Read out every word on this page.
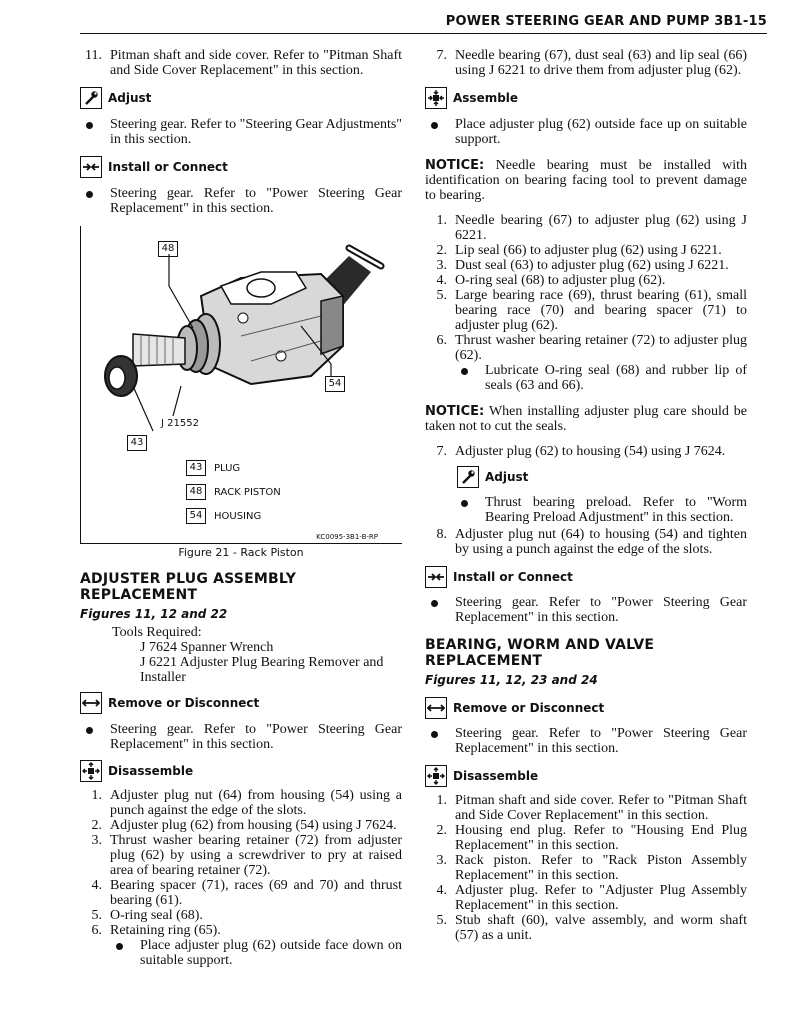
POWER STEERING GEAR AND PUMP 3B1-15
11. Pitman shaft and side cover. Refer to "Pitman Shaft and Side Cover Replacement" in this section.
Adjust
Steering gear. Refer to "Steering Gear Adjustments" in this section.
Install or Connect
Steering gear. Refer to "Power Steering Gear Replacement" in this section.
48
54
J 21552
43
43	PLUG
48	RACK PISTON
54	HOUSING
KC0095-3B1-B-RP
Figure 21 - Rack Piston
ADJUSTER PLUG ASSEMBLY REPLACEMENT
Figures 11, 12 and 22
Tools Required:
J 7624 Spanner Wrench
J 6221 Adjuster Plug Bearing Remover and Installer
Remove or Disconnect
Steering gear. Refer to "Power Steering Gear Replacement" in this section.
Disassemble
1. Adjuster plug nut (64) from housing (54) using a punch against the edge of the slots.
2. Adjuster plug (62) from housing (54) using J 7624.
3. Thrust washer bearing retainer (72) from adjuster plug (62) by using a screwdriver to pry at raised area of bearing retainer (72).
4. Bearing spacer (71), races (69 and 70) and thrust bearing (61).
5. O-ring seal (68).
6. Retaining ring (65).
Place adjuster plug (62) outside face down on suitable support.
7. Needle bearing (67), dust seal (63) and lip seal (66) using J 6221 to drive them from adjuster plug (62).
Assemble
Place adjuster plug (62) outside face up on suitable support.
NOTICE: Needle bearing must be installed with identification on bearing facing tool to prevent damage to bearing.
1. Needle bearing (67) to adjuster plug (62) using J 6221.
2. Lip seal (66) to adjuster plug (62) using J 6221.
3. Dust seal (63) to adjuster plug (62) using J 6221.
4. O-ring seal (68) to adjuster plug (62).
5. Large bearing race (69), thrust bearing (61), small bearing race (70) and bearing spacer (71) to adjuster plug (62).
6. Thrust washer bearing retainer (72) to adjuster plug (62).
Lubricate O-ring seal (68) and rubber lip of seals (63 and 66).
NOTICE: When installing adjuster plug care should be taken not to cut the seals.
7. Adjuster plug (62) to housing (54) using J 7624.
Adjust
Thrust bearing preload. Refer to ''Worm Bearing Preload Adjustment'' in this section.
8. Adjuster plug nut (64) to housing (54) and tighten by using a punch against the edge of the slots.
Install or Connect
Steering gear. Refer to "Power Steering Gear Replacement" in this section.
BEARING, WORM AND VALVE REPLACEMENT
Figures 11, 12, 23 and 24
Remove or Disconnect
Steering gear. Refer to "Power Steering Gear Replacement" in this section.
Disassemble
1. Pitman shaft and side cover. Refer to "Pitman Shaft and Side Cover Replacement" in this section.
2. Housing end plug. Refer to "Housing End Plug Replacement" in this section.
3. Rack piston. Refer to "Rack Piston Assembly Replacement" in this section.
4. Adjuster plug. Refer to "Adjuster Plug Assembly Replacement" in this section.
5. Stub shaft (60), valve assembly, and worm shaft (57) as a unit.
